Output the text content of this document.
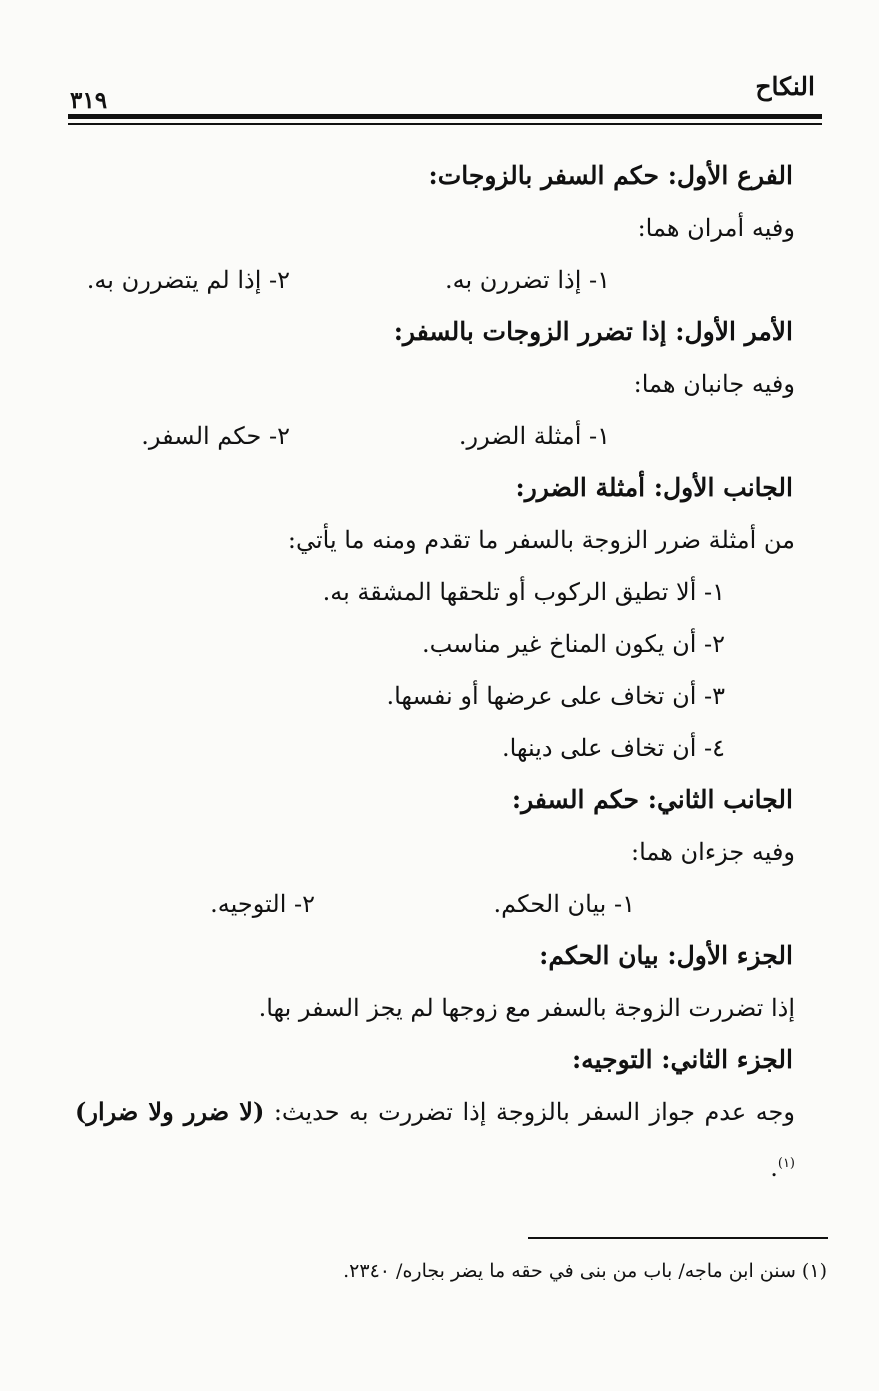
النكاح
٣١٩

الفرع الأول: حكم السفر بالزوجات:

وفيه أمران هما:

١- إذا تضررن به.
٢- إذا لم يتضررن به.

الأمر الأول: إذا تضرر الزوجات بالسفر:

وفيه جانبان هما:

١- أمثلة الضرر.
٢- حكم السفر.

الجانب الأول: أمثلة الضرر:

من أمثلة ضرر الزوجة بالسفر ما تقدم ومنه ما يأتي:

١- ألا تطيق الركوب أو تلحقها المشقة به.

٢- أن يكون المناخ غير مناسب.

٣- أن تخاف على عرضها أو نفسها.

٤- أن تخاف على دينها.

الجانب الثاني: حكم السفر:

وفيه جزءان هما:

١- بيان الحكم.
٢- التوجيه.

الجزء الأول: بيان الحكم:

إذا تضررت الزوجة بالسفر مع زوجها لم يجز السفر بها.

الجزء الثاني: التوجيه:

وجه عدم جواز السفر بالزوجة إذا تضررت به حديث: (لا ضرر ولا ضرار)$^{(١)}$.

(١) سنن ابن ماجه/ باب من بنى في حقه ما يضر بجاره/ ٢٣٤٠.
